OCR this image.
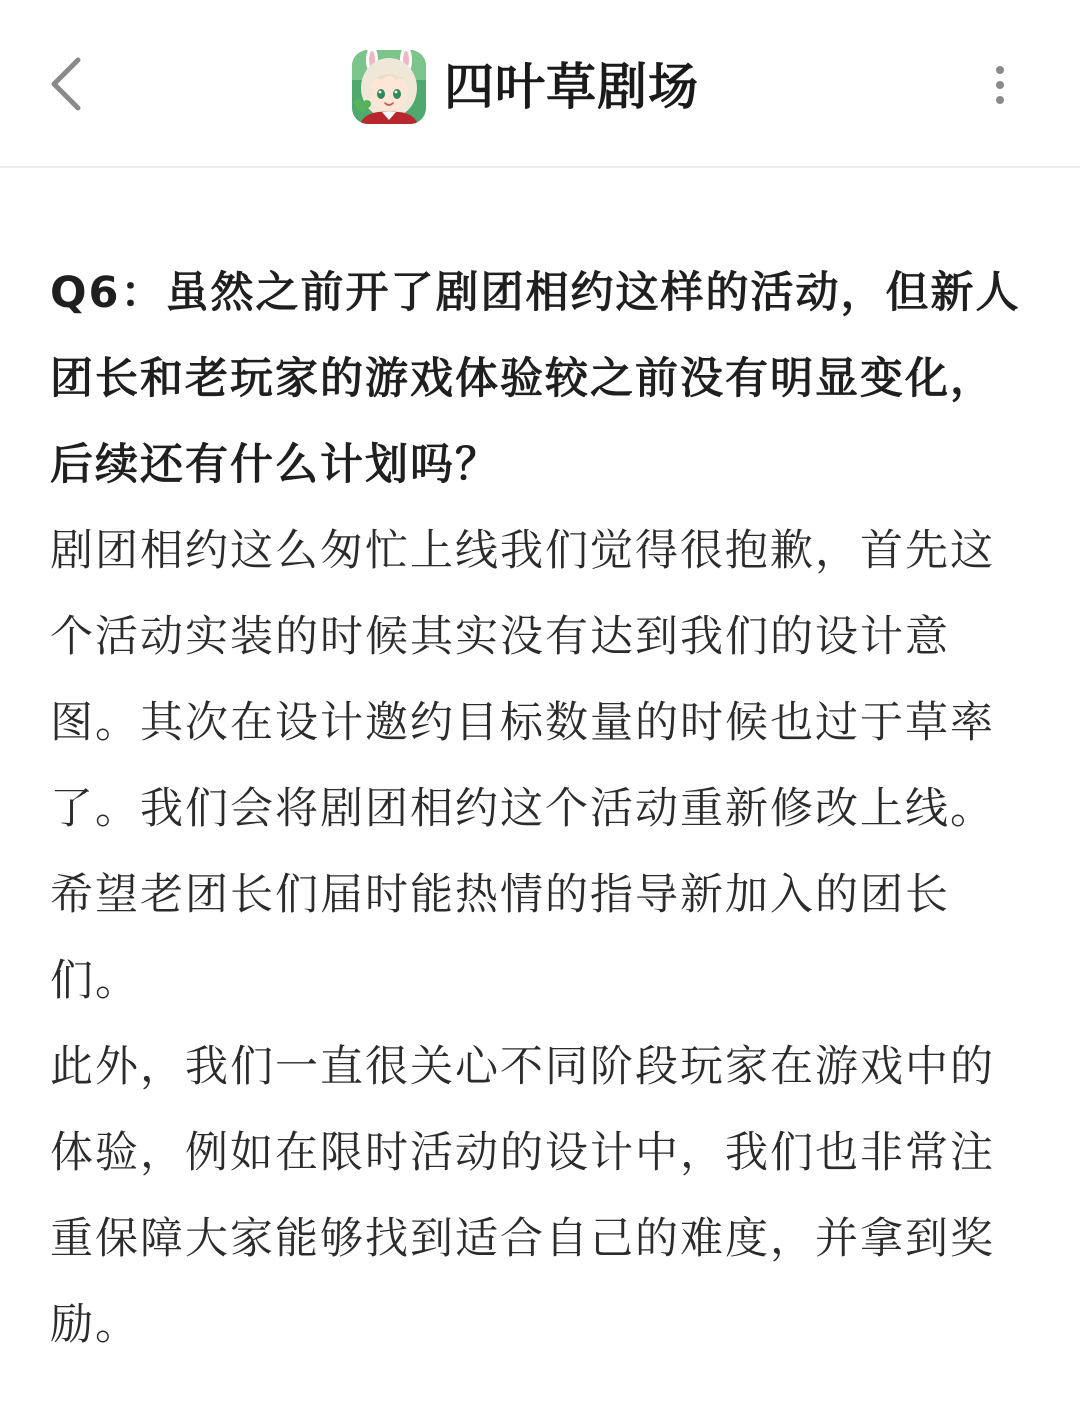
四叶草剧场

Q6：虽然之前开了剧团相约这样的活动，但新人团长和老玩家的游戏体验较之前没有明显变化，后续还有什么计划吗？

剧团相约这么匆忙上线我们觉得很抱歉，首先这个活动实装的时候其实没有达到我们的设计意图。其次在设计邀约目标数量的时候也过于草率了。我们会将剧团相约这个活动重新修改上线。希望老团长们届时能热情的指导新加入的团长们。

此外，我们一直很关心不同阶段玩家在游戏中的体验，例如在限时活动的设计中，我们也非常注重保障大家能够找到适合自己的难度，并拿到奖励。
